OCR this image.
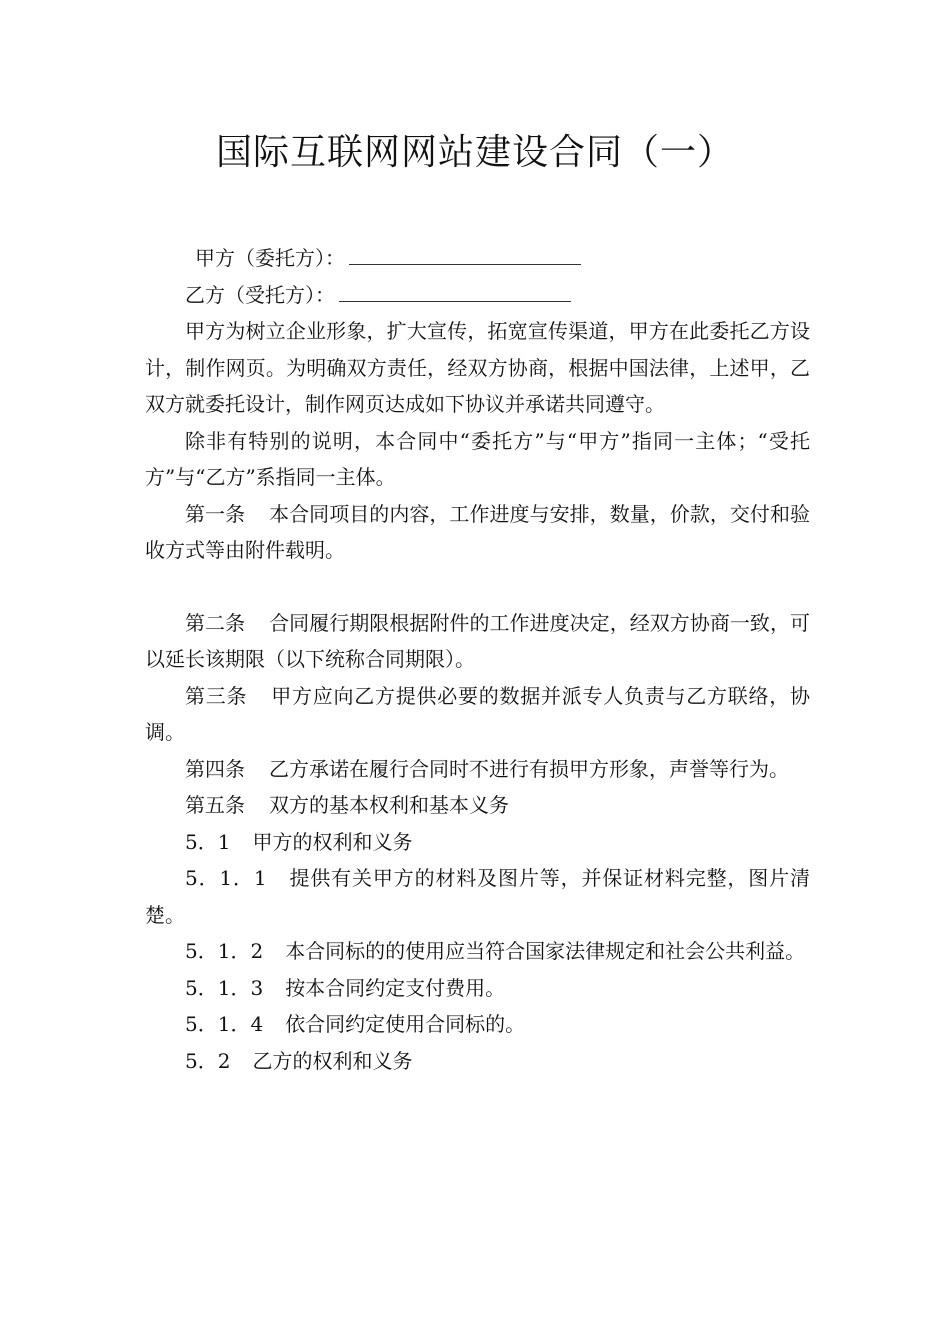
国际互联网网站建设合同（一）

甲方（委托方）：

乙方（受托方）：

甲方为树立企业形象，扩大宣传，拓宽宣传渠道，甲方在此委托乙方设计，制作网页。为明确双方责任，经双方协商，根据中国法律，上述甲，乙双方就委托设计，制作网页达成如下协议并承诺共同遵守。

除非有特别的说明，本合同中“委托方”与“甲方”指同一主体；“受托方”与“乙方”系指同一主体。

第一条 本合同项目的内容，工作进度与安排，数量，价款，交付和验收方式等由附件载明。

第二条 合同履行期限根据附件的工作进度决定，经双方协商一致，可以延长该期限（以下统称合同期限）。

第三条 甲方应向乙方提供必要的数据并派专人负责与乙方联络，协调。

第四条 乙方承诺在履行合同时不进行有损甲方形象，声誉等行为。

第五条 双方的基本权利和基本义务

5．1 甲方的权利和义务

5．1．1 提供有关甲方的材料及图片等，并保证材料完整，图片清楚。

5．1．2 本合同标的的使用应当符合国家法律规定和社会公共利益。

5．1．3 按本合同约定支付费用。

5．1．4 依合同约定使用合同标的。

5．2 乙方的权利和义务
